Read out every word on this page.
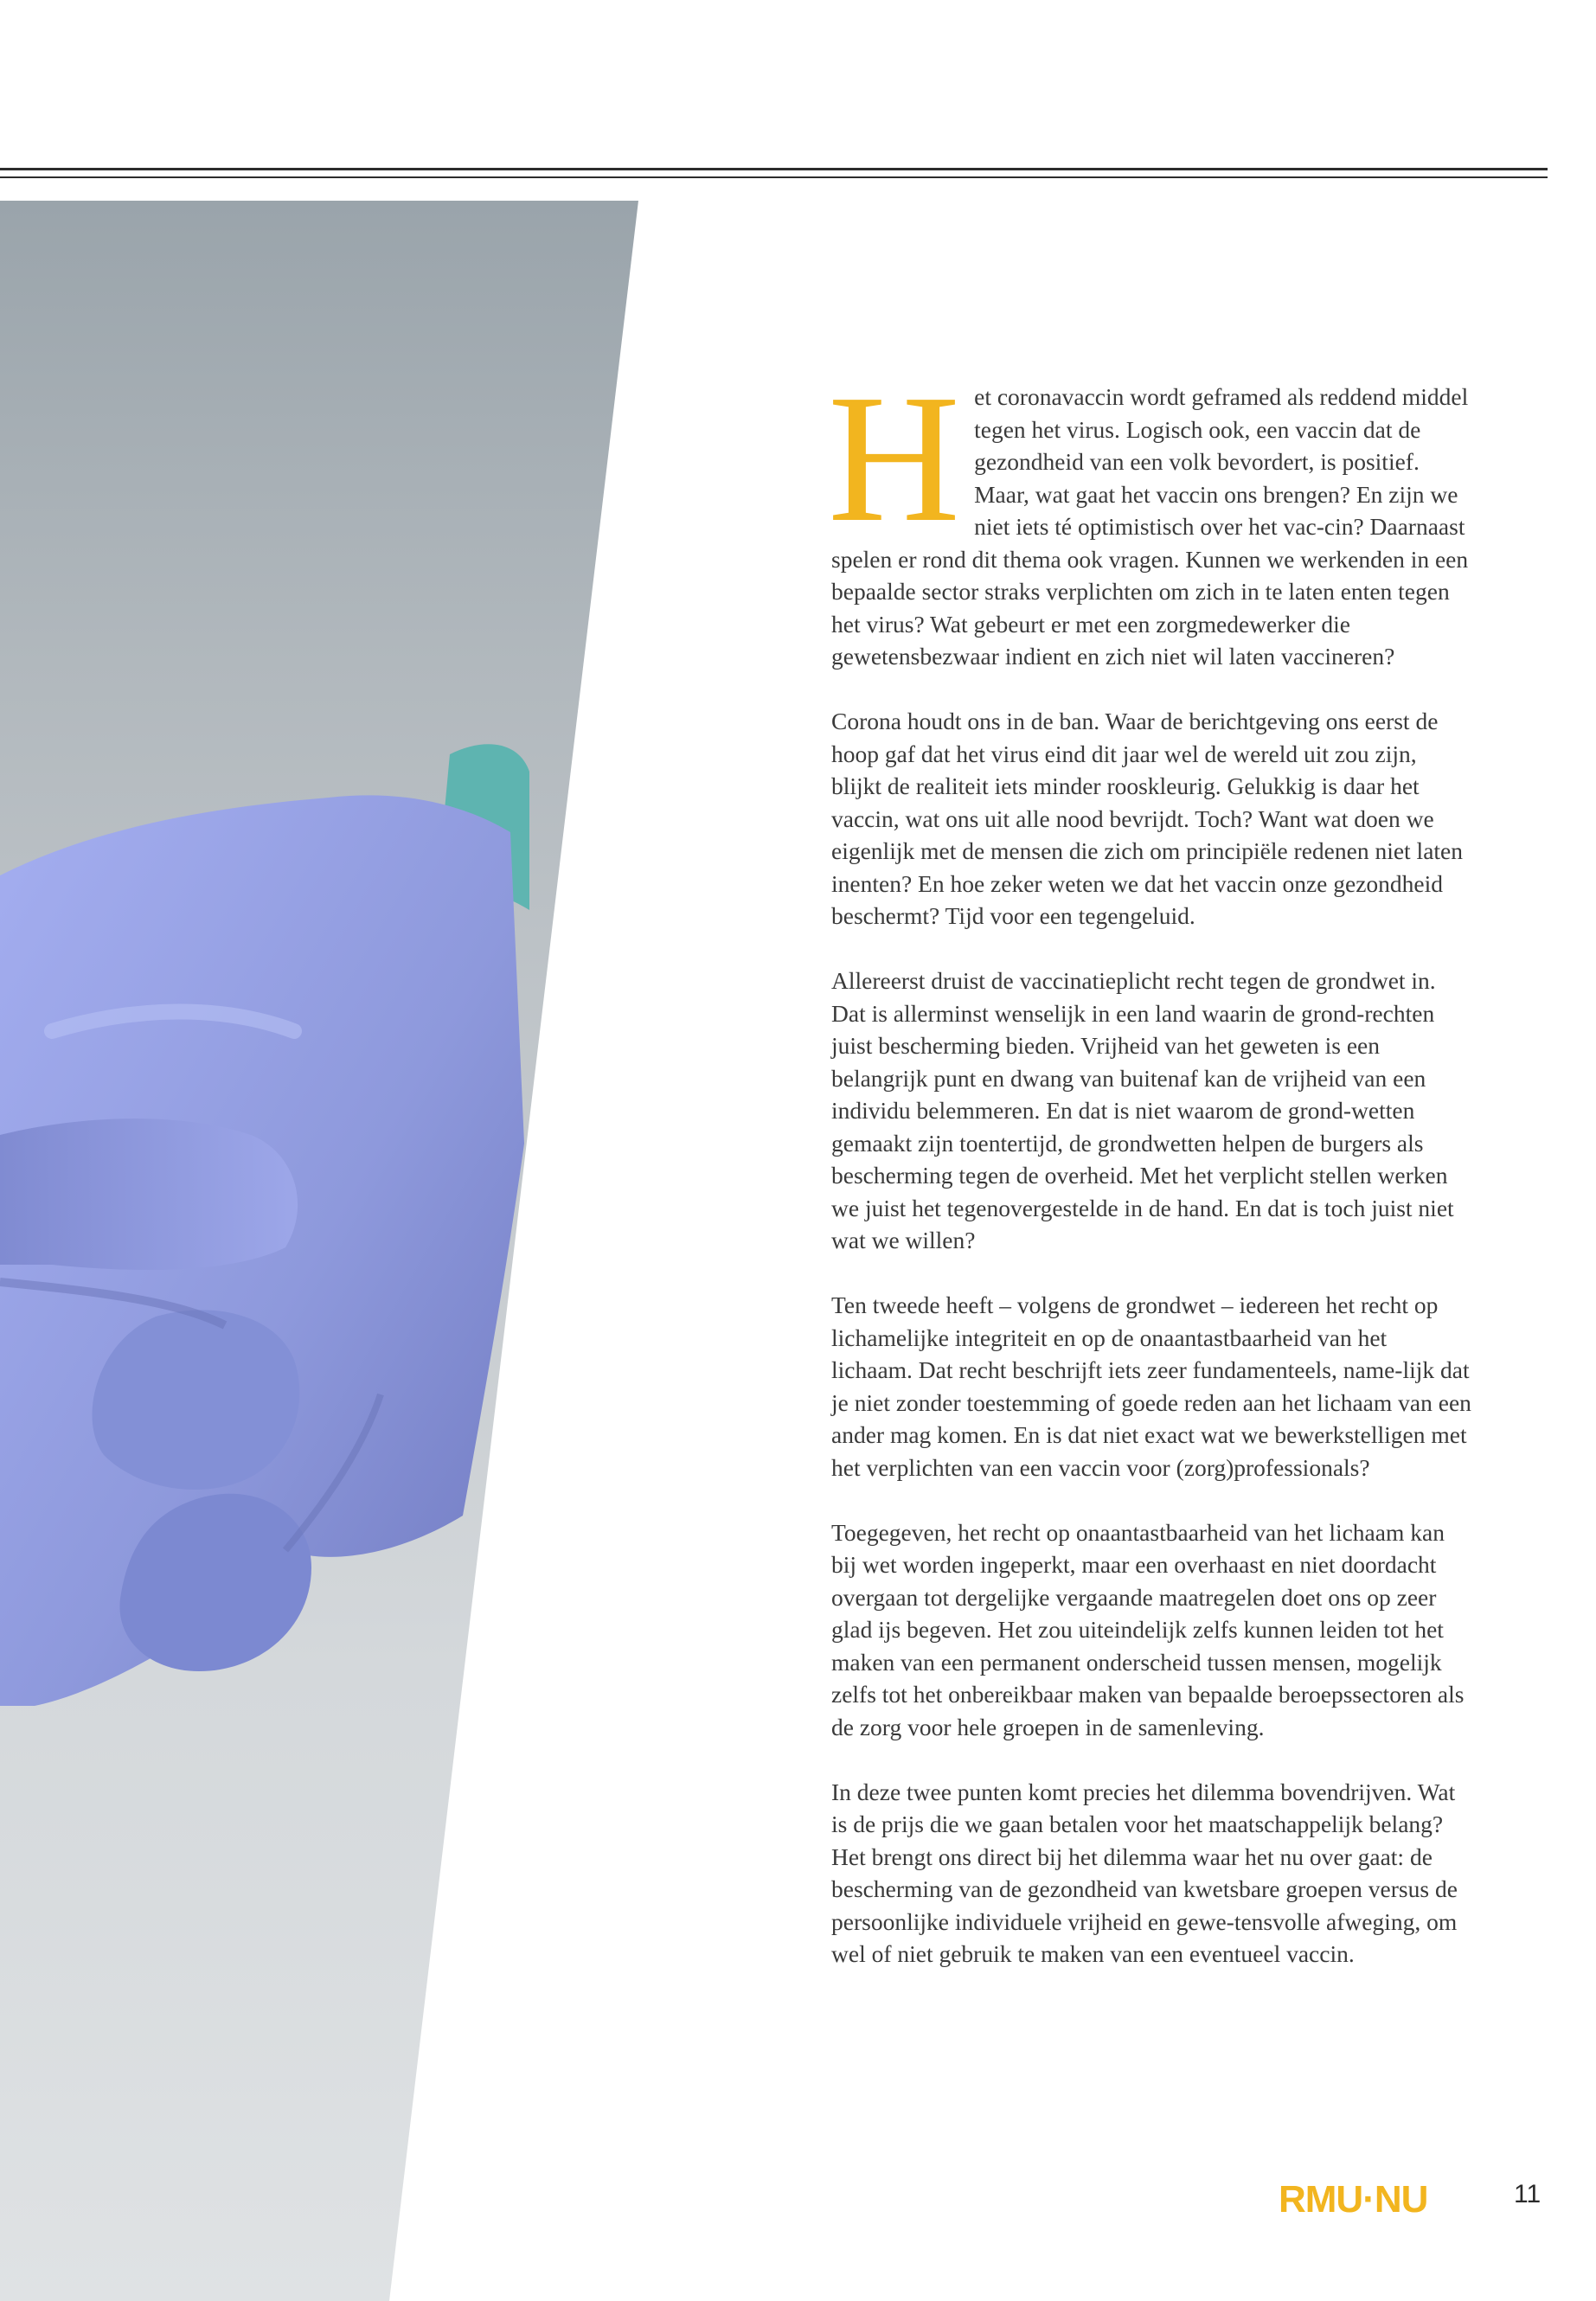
Het coronavaccin wordt geframed als reddend middel tegen het virus. Logisch ook, een vaccin dat de gezondheid van een volk bevordert, is positief. Maar, wat gaat het vaccin ons brengen? En zijn we niet iets té optimistisch over het vac-cin? Daarnaast spelen er rond dit thema ook vragen. Kunnen we werkenden in een bepaalde sector straks verplichten om zich in te laten enten tegen het virus? Wat gebeurt er met een zorgmedewerker die gewetensbezwaar indient en zich niet wil laten vaccineren?

Corona houdt ons in de ban. Waar de berichtgeving ons eerst de hoop gaf dat het virus eind dit jaar wel de wereld uit zou zijn, blijkt de realiteit iets minder rooskleurig. Gelukkig is daar het vaccin, wat ons uit alle nood bevrijdt. Toch? Want wat doen we eigenlijk met de mensen die zich om principiële redenen niet laten inenten? En hoe zeker weten we dat het vaccin onze gezondheid beschermt? Tijd voor een tegengeluid.

Allereerst druist de vaccinatieplicht recht tegen de grondwet in. Dat is allerminst wenselijk in een land waarin de grond-rechten juist bescherming bieden. Vrijheid van het geweten is een belangrijk punt en dwang van buitenaf kan de vrijheid van een individu belemmeren. En dat is niet waarom de grond-wetten gemaakt zijn toentertijd, de grondwetten helpen de burgers als bescherming tegen de overheid. Met het verplicht stellen werken we juist het tegenovergestelde in de hand. En dat is toch juist niet wat we willen?

Ten tweede heeft – volgens de grondwet – iedereen het recht op lichamelijke integriteit en op de onaantastbaarheid van het lichaam. Dat recht beschrijft iets zeer fundamenteels, name-lijk dat je niet zonder toestemming of goede reden aan het lichaam van een ander mag komen. En is dat niet exact wat we bewerkstelligen met het verplichten van een vaccin voor (zorg)professionals?

Toegegeven, het recht op onaantastbaarheid van het lichaam kan bij wet worden ingeperkt, maar een overhaast en niet doordacht overgaan tot dergelijke vergaande maatregelen doet ons op zeer glad ijs begeven. Het zou uiteindelijk zelfs kunnen leiden tot het maken van een permanent onderscheid tussen mensen, mogelijk zelfs tot het onbereikbaar maken van bepaalde beroepssectoren als de zorg voor hele groepen in de samenleving.

In deze twee punten komt precies het dilemma bovendrijven. Wat is de prijs die we gaan betalen voor het maatschappelijk belang? Het brengt ons direct bij het dilemma waar het nu over gaat: de bescherming van de gezondheid van kwetsbare groepen versus de persoonlijke individuele vrijheid en gewe-tensvolle afweging, om wel of niet gebruik te maken van een eventueel vaccin.

RMU·NU	11
